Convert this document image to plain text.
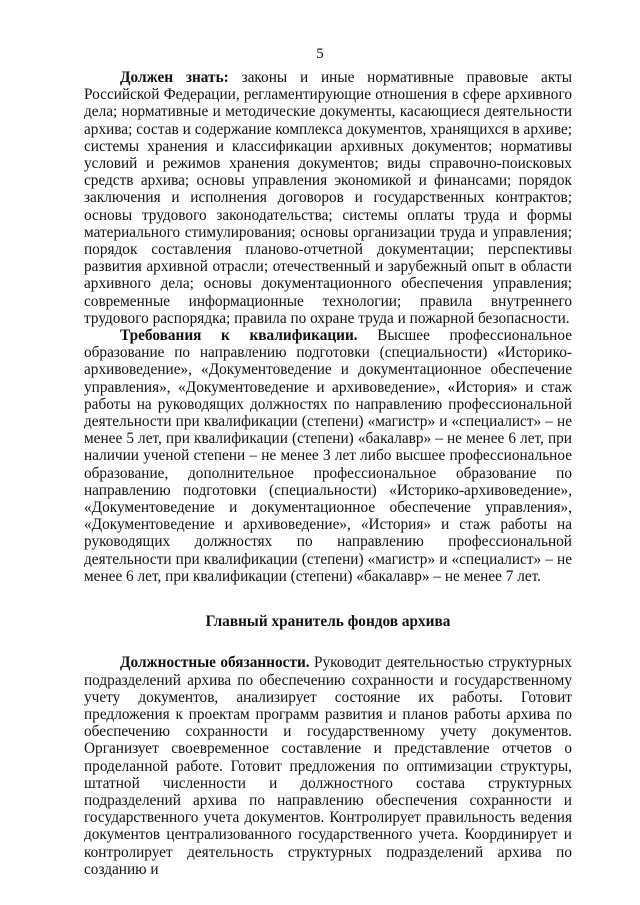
5

Должен знать: законы и иные нормативные правовые акты Российской Федерации, регламентирующие отношения в сфере архивного дела; нормативные и методические документы, касающиеся деятельности архива; состав и содержание комплекса документов, хранящихся в архиве; системы хранения и классификации архивных документов; нормативы условий и режимов хранения документов; виды справочно-поисковых средств архива; основы управления экономикой и финансами; порядок заключения и исполнения договоров и государственных контрактов; основы трудового законодательства; системы оплаты труда и формы материального стимулирования; основы организации труда и управления; порядок составления планово-отчетной документации; перспективы развития архивной отрасли; отечественный и зарубежный опыт в области архивного дела; основы документационного обеспечения управления; современные информационные технологии; правила внутреннего трудового распорядка; правила по охране труда и пожарной безопасности.

Требования к квалификации. Высшее профессиональное образование по направлению подготовки (специальности) «Историко-архивоведение», «Документоведение и документационное обеспечение управления», «Документоведение и архивоведение», «История» и стаж работы на руководящих должностях по направлению профессиональной деятельности при квалификации (степени) «магистр» и «специалист» – не менее 5 лет, при квалификации (степени) «бакалавр» – не менее 6 лет, при наличии ученой степени – не менее 3 лет либо высшее профессиональное образование, дополнительное профессиональное образование по направлению подготовки (специальности) «Историко-архивоведение», «Документоведение и документационное обеспечение управления», «Документоведение и архивоведение», «История» и стаж работы на руководящих должностях по направлению профессиональной деятельности при квалификации (степени) «магистр» и «специалист» – не менее 6 лет, при квалификации (степени) «бакалавр» – не менее 7 лет.

Главный хранитель фондов архива

Должностные обязанности. Руководит деятельностью структурных подразделений архива по обеспечению сохранности и государственному учету документов, анализирует состояние их работы. Готовит предложения к проектам программ развития и планов работы архива по обеспечению сохранности и государственному учету документов. Организует своевременное составление и представление отчетов о проделанной работе. Готовит предложения по оптимизации структуры, штатной численности и должностного состава структурных подразделений архива по направлению обеспечения сохранности и государственного учета документов. Контролирует правильность ведения документов централизованного государственного учета. Координирует и контролирует деятельность структурных подразделений архива по созданию и
